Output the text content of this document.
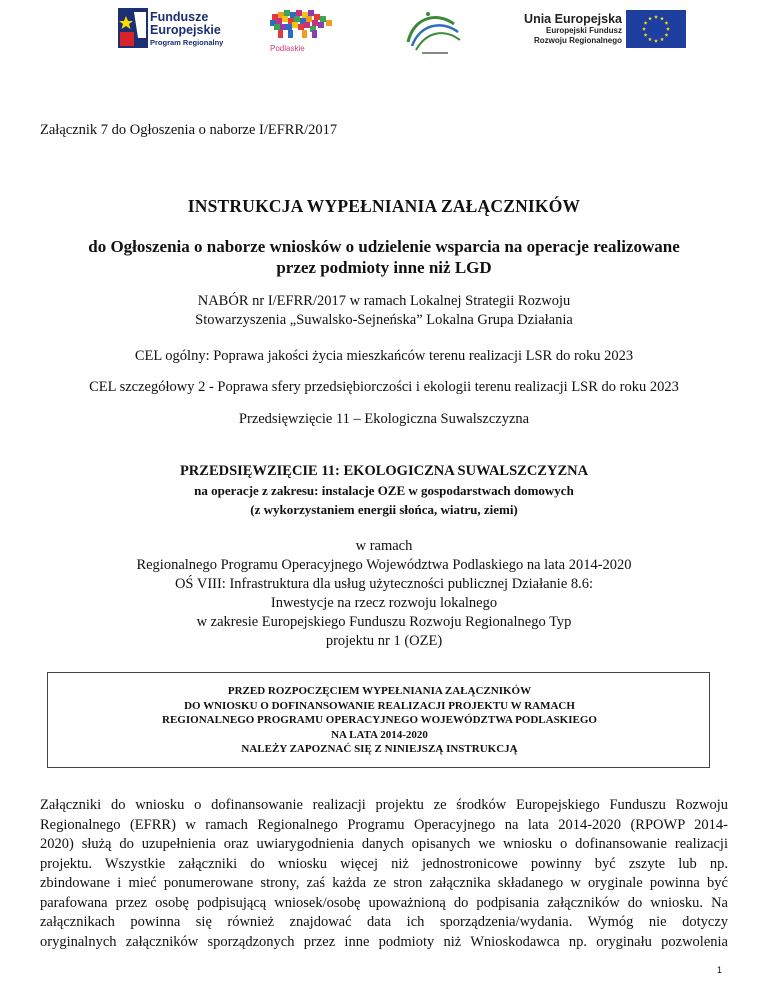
Fundusze
Europejskie
Program Regionalny
Podlaskie
Unia Europejska
Europejski Fundusz
Rozwoju Regionalnego
Załącznik 7 do Ogłoszenia o naborze I/EFRR/2017
INSTRUKCJA WYPEŁNIANIA ZAŁĄCZNIKÓW
do Ogłoszenia o naborze wniosków o udzielenie wsparcia na operacje realizowane
przez podmioty inne niż LGD
NABÓR nr I/EFRR/2017 w ramach Lokalnej Strategii Rozwoju
Stowarzyszenia „Suwalsko-Sejneńska” Lokalna Grupa Działania
CEL ogólny: Poprawa jakości życia mieszkańców terenu realizacji LSR do roku 2023
CEL szczegółowy 2 - Poprawa sfery przedsiębiorczości i ekologii terenu realizacji LSR do roku 2023
Przedsięwzięcie 11 – Ekologiczna Suwalszczyzna
PRZEDSIĘWZIĘCIE 11: EKOLOGICZNA SUWALSZCZYZNA
na operacje z zakresu: instalacje OZE w gospodarstwach domowych
(z wykorzystaniem energii słońca, wiatru, ziemi)
w ramach
Regionalnego Programu Operacyjnego Województwa Podlaskiego na lata 2014-2020
OŚ VIII: Infrastruktura dla usług użyteczności publicznej Działanie 8.6:
Inwestycje na rzecz rozwoju lokalnego
w zakresie Europejskiego Funduszu Rozwoju Regionalnego Typ
projektu nr 1 (OZE)
PRZED ROZPOCZĘCIEM WYPEŁNIANIA ZAŁĄCZNIKÓW
DO WNIOSKU O DOFINANSOWANIE REALIZACJI PROJEKTU W RAMACH
REGIONALNEGO PROGRAMU OPERACYJNEGO WOJEWÓDZTWA PODLASKIEGO
NA LATA 2014-2020
NALEŻY ZAPOZNAĆ SIĘ Z NINIEJSZĄ INSTRUKCJĄ
Załączniki do wniosku o dofinansowanie realizacji projektu ze środków Europejskiego Funduszu Rozwoju
Regionalnego (EFRR) w ramach Regionalnego Programu Operacyjnego na lata 2014-2020 (RPOWP 2014-
2020) służą do uzupełnienia oraz uwiarygodnienia danych opisanych we wniosku o dofinansowanie realizacji
projektu. Wszystkie załączniki do wniosku więcej niż jednostronicowe powinny być zszyte lub np.
zbindowane i mieć ponumerowane strony, zaś każda ze stron załącznika składanego w oryginale powinna być
parafowana przez osobę podpisującą wniosek/osobę upoważnioną do podpisania załączników do wniosku. Na
załącznikach powinna się również znajdować data ich sporządzenia/wydania. Wymóg nie dotyczy
oryginalnych załączników sporządzonych przez inne podmioty niż Wnioskodawca np. oryginału pozwolenia
1
